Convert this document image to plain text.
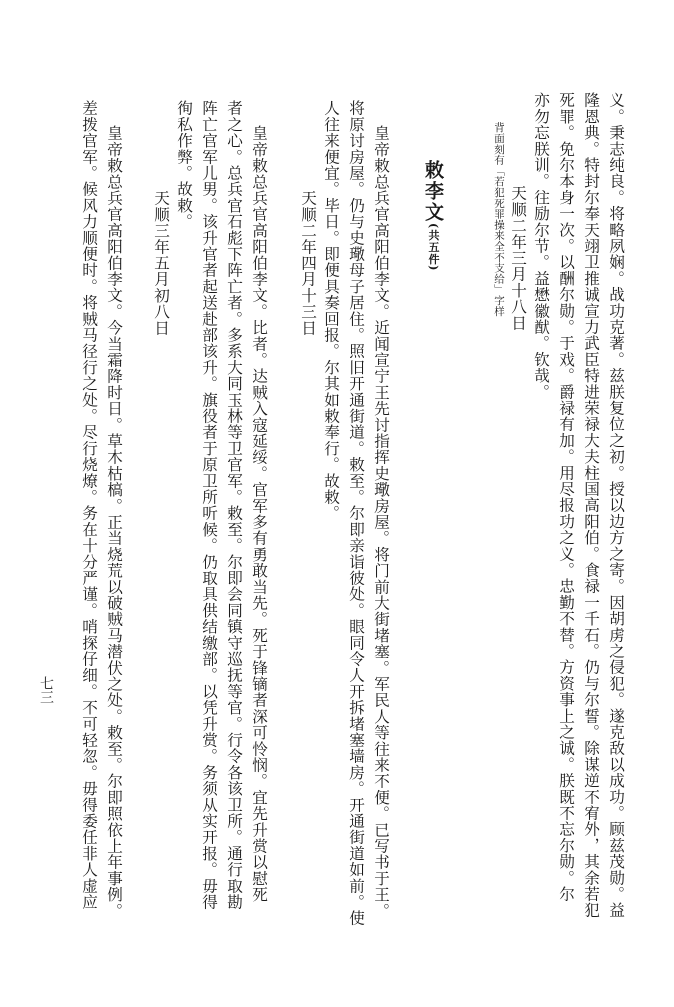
义。秉志纯良。将略夙娴。战功克著。兹朕复位之初。授以边方之寄。因胡虏之侵犯。遂克敌以成功。顾兹茂勋。益
隆恩典。特封尔奉天翊卫推诚宣力武臣特进荣禄大夫柱国高阳伯。食禄一千石。仍与尔誓。除谋逆不宥外，其余若犯
死罪。免尔本身一次。以酬尔勋。于戏。爵禄有加。用尽报功之义。忠勤不替。方资事上之诚。朕既不忘尔勋。尔
亦勿忘朕训。往励尔节。益懋徽猷。钦哉。
天顺二年三月十八日
背面刻有「若犯死罪操来全不支给」字样
敕李文(共五件)
皇帝敕总兵官高阳伯李文。近闻宣宁王先讨指挥史璥房屋。将门前大街堵塞。军民人等往来不便。已写书于王。
将原讨房屋。仍与史璥母子居住。照旧开通街道。敕至。尔即亲诣彼处。眼同令人开拆堵塞墙房。开通街道如前。使
人往来便宜。毕日。即便具奏回报。尔其如敕奉行。故敕。
天顺二年四月十三日
皇帝敕总兵官高阳伯李文。比者。达贼入寇延绥。官军多有勇敢当先。死于锋镝者深可怜悯。宜先升赏以慰死
者之心。总兵官石彪下阵亡者。多系大同玉林等卫官军。敕至。尔即会同镇守巡抚等官。行令各该卫所。通行取勘
阵亡官军儿男。该升官者起送赴部该升。旗役者于原卫所听候。仍取具供结缴部。以凭升赏。务须从实开报。毋得
徇私作弊。故敕。
天顺三年五月初八日
皇帝敕总兵官高阳伯李文。今当霜降时日。草木枯槁。正当烧荒以破贼马潜伏之处。敕至。尔即照依上年事例。
差拨官军。候风力顺便时。将贼马径行之处。尽行烧燎。务在十分严谨。哨探仔细。不可轻忽。毋得委任非人虚应
七三
